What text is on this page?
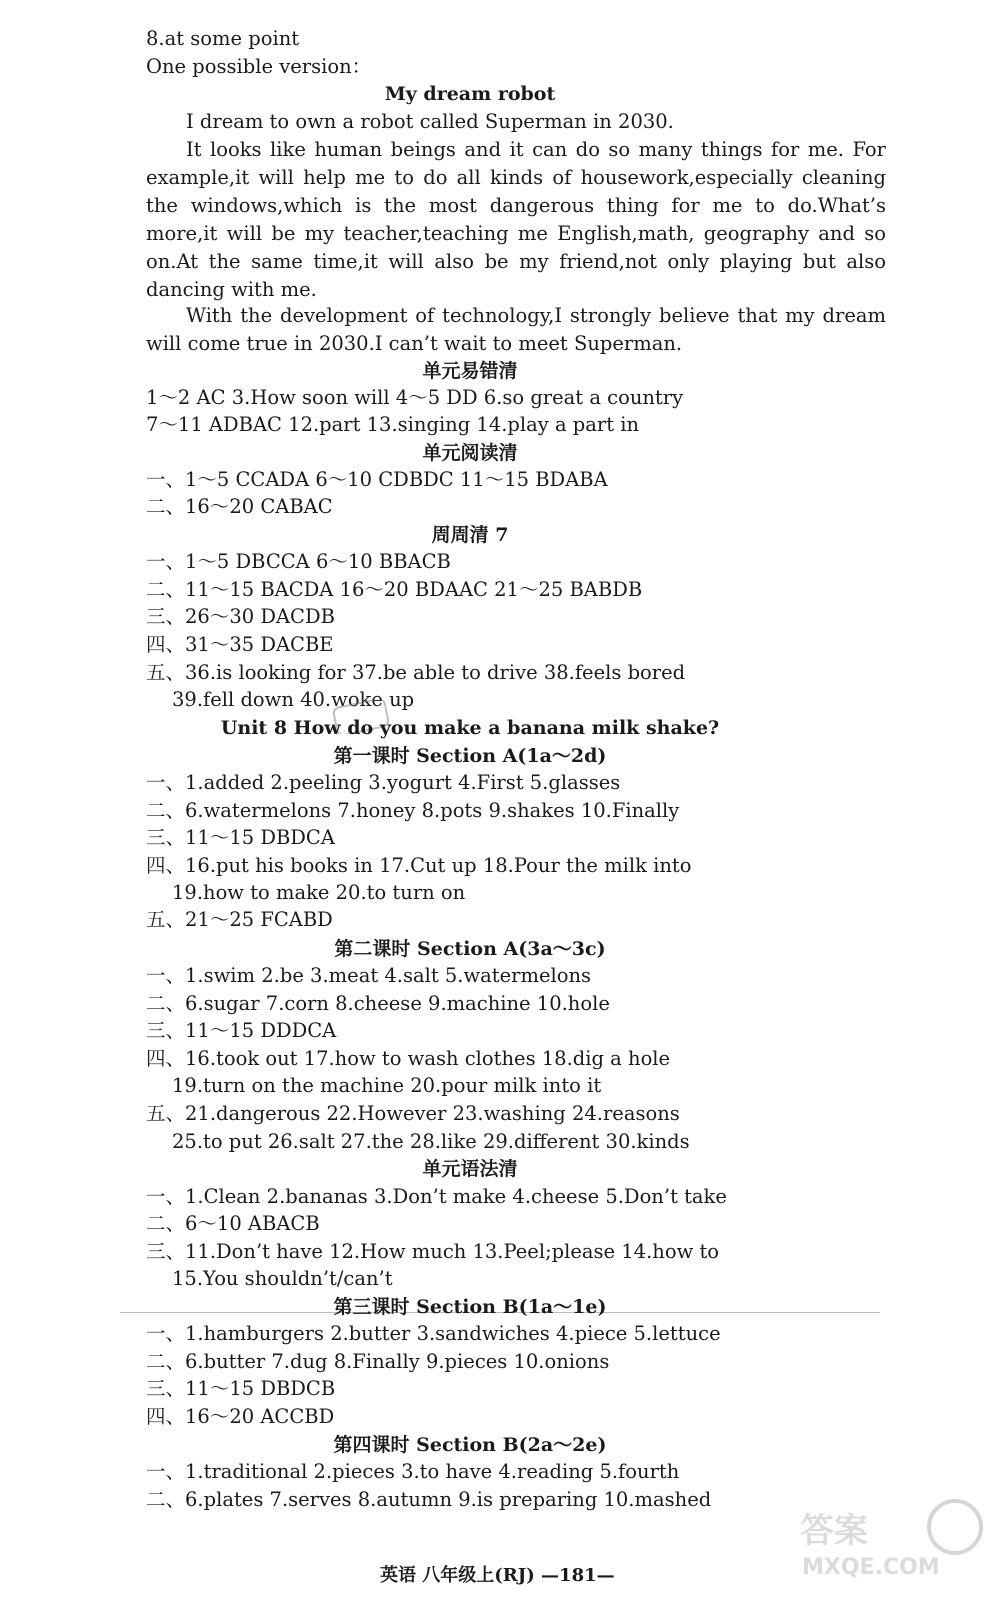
8.at some point
One possible version：
My dream robot
I dream to own a robot called Superman in 2030.
It looks like human beings and it can do so many things for me. For example,it will help me to do all kinds of housework,especially cleaning the windows,which is the most dangerous thing for me to do.What’s more,it will be my teacher,teaching me English,math, geography and so on.At the same time,it will also be my friend,not only playing but also dancing with me.
With the development of technology,I strongly believe that my dream will come true in 2030.I can’t wait to meet Superman.
单元易错清
1～2 AC 3.How soon will 4～5 DD 6.so great a country
7～11 ADBAC 12.part 13.singing 14.play a part in
单元阅读清
一、1～5 CCADA 6～10 CDBDC 11～15 BDABA
二、16～20 CABAC
周周清 7
一、1～5 DBCCA 6～10 BBACB
二、11～15 BACDA 16～20 BDAAC 21～25 BABDB
三、26～30 DACDB
四、31～35 DACBE
五、36.is looking for 37.be able to drive 38.feels bored
39.fell down 40.woke up
Unit 8 How do you make a banana milk shake?
第一课时 Section A(1a～2d)
一、1.added 2.peeling 3.yogurt 4.First 5.glasses
二、6.watermelons 7.honey 8.pots 9.shakes 10.Finally
三、11～15 DBDCA
四、16.put his books in 17.Cut up 18.Pour the milk into
19.how to make 20.to turn on
五、21～25 FCABD
第二课时 Section A(3a～3c)
一、1.swim 2.be 3.meat 4.salt 5.watermelons
二、6.sugar 7.corn 8.cheese 9.machine 10.hole
三、11～15 DDDCA
四、16.took out 17.how to wash clothes 18.dig a hole
19.turn on the machine 20.pour milk into it
五、21.dangerous 22.However 23.washing 24.reasons
25.to put 26.salt 27.the 28.like 29.different 30.kinds
单元语法清
一、1.Clean 2.bananas 3.Don’t make 4.cheese 5.Don’t take
二、6～10 ABACB
三、11.Don’t have 12.How much 13.Peel;please 14.how to
15.You shouldn’t/can’t
第三课时 Section B(1a～1e)
一、1.hamburgers 2.butter 3.sandwiches 4.piece 5.lettuce
二、6.butter 7.dug 8.Finally 9.pieces 10.onions
三、11～15 DBDCB
四、16～20 ACCBD
第四课时 Section B(2a～2e)
一、1.traditional 2.pieces 3.to have 4.reading 5.fourth
二、6.plates 7.serves 8.autumn 9.is preparing 10.mashed
英语 八年级上(RJ) —181—
答案
MXQE.COM
